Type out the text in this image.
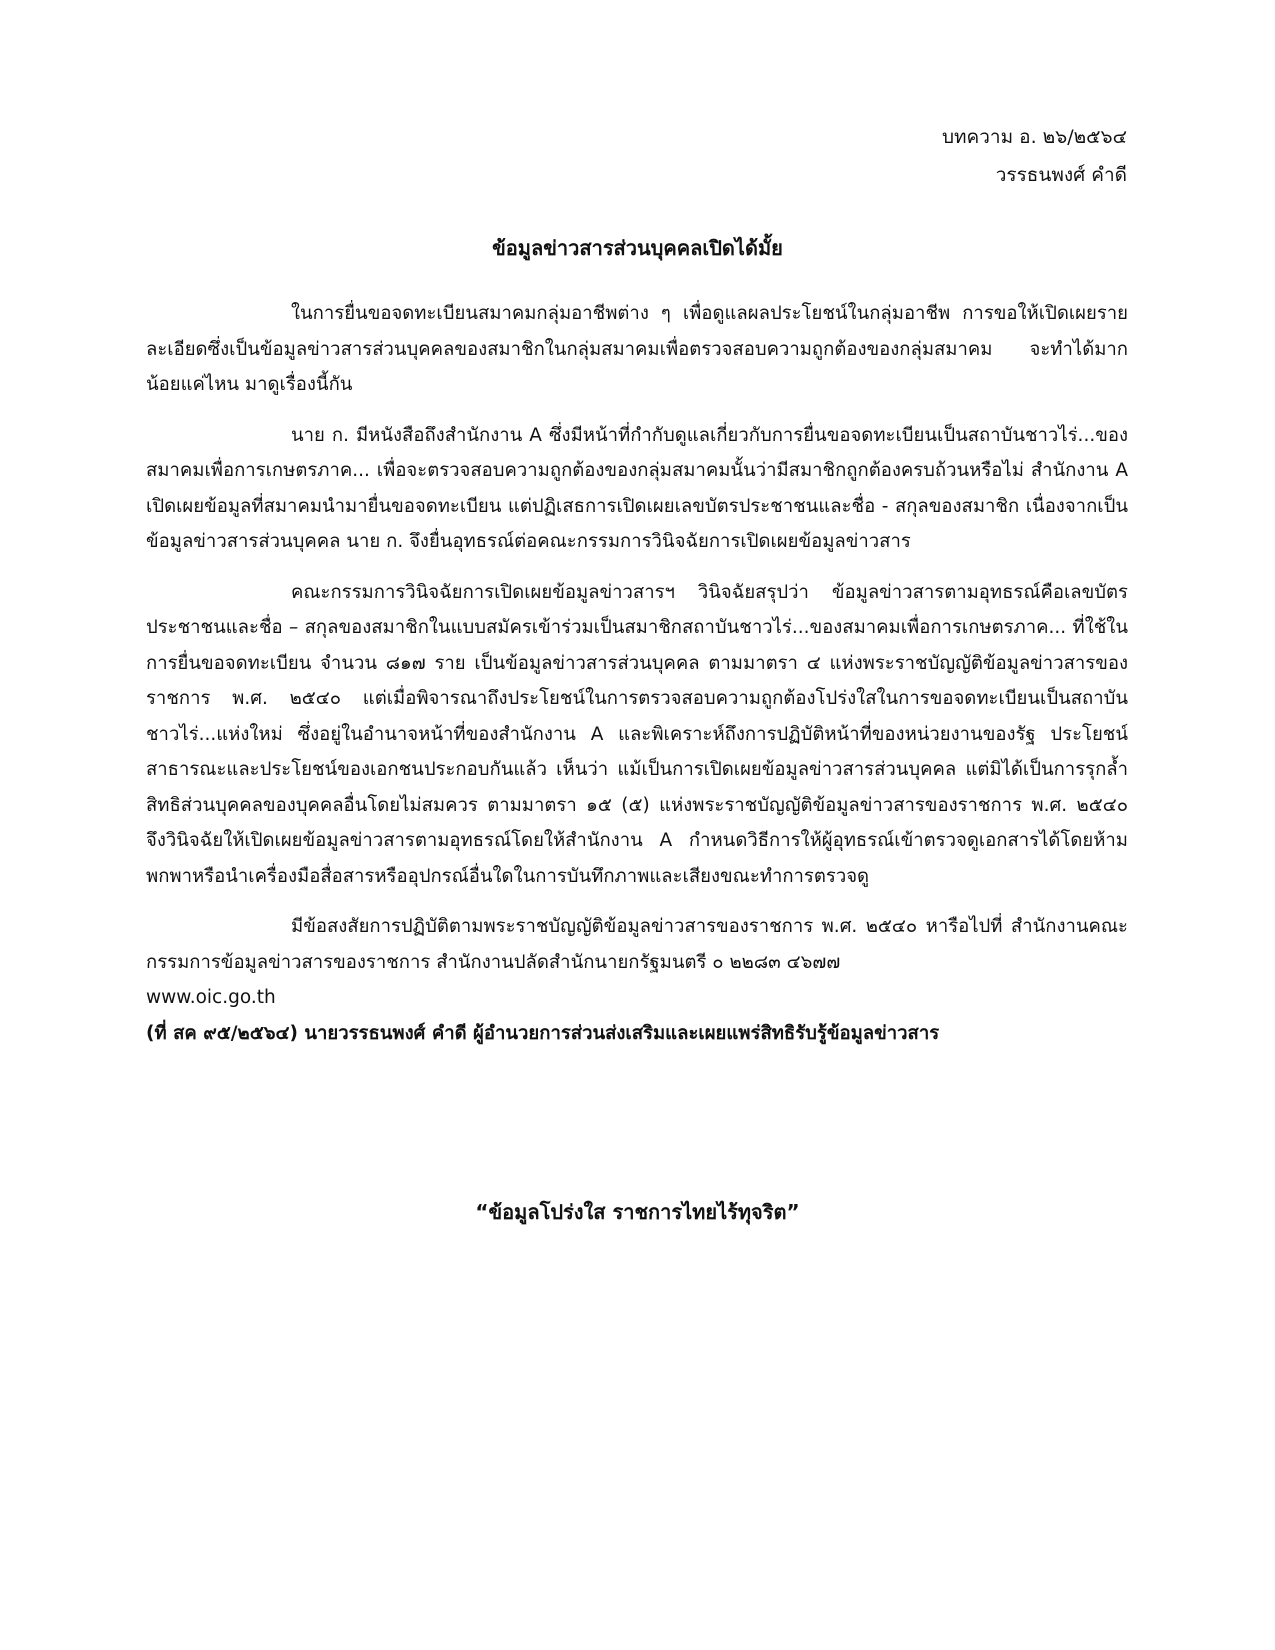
บทความ อ. ๒๖/๒๕๖๔
วรรธนพงศ์ คำดี
ข้อมูลข่าวสารส่วนบุคคลเปิดได้มั้ย

ในการยื่นขอจดทะเบียนสมาคมกลุ่มอาชีพต่าง ๆ เพื่อดูแลผลประโยชน์ในกลุ่มอาชีพ การขอให้เปิดเผยรายละเอียดซึ่งเป็นข้อมูลข่าวสารส่วนบุคคลของสมาชิกในกลุ่มสมาคมเพื่อตรวจสอบความถูกต้องของกลุ่มสมาคม จะทำได้มากน้อยแค่ไหน มาดูเรื่องนี้กัน

นาย ก. มีหนังสือถึงสำนักงาน A ซึ่งมีหน้าที่กำกับดูแลเกี่ยวกับการยื่นขอจดทะเบียนเป็นสถาบันชาวไร่...ของสมาคมเพื่อการเกษตรภาค... เพื่อจะตรวจสอบความถูกต้องของกลุ่มสมาคมนั้นว่ามีสมาชิกถูกต้องครบถ้วนหรือไม่ สำนักงาน A เปิดเผยข้อมูลที่สมาคมนำมายื่นขอจดทะเบียน แต่ปฏิเสธการเปิดเผยเลขบัตรประชาชนและชื่อ - สกุลของสมาชิก เนื่องจากเป็นข้อมูลข่าวสารส่วนบุคคล นาย ก. จึงยื่นอุทธรณ์ต่อคณะกรรมการวินิจฉัยการเปิดเผยข้อมูลข่าวสาร

คณะกรรมการวินิจฉัยการเปิดเผยข้อมูลข่าวสารฯ วินิจฉัยสรุปว่า ข้อมูลข่าวสารตามอุทธรณ์คือเลขบัตรประชาชนและชื่อ – สกุลของสมาชิกในแบบสมัครเข้าร่วมเป็นสมาชิกสถาบันชาวไร่...ของสมาคมเพื่อการเกษตรภาค... ที่ใช้ในการยื่นขอจดทะเบียน จำนวน ๘๑๗ ราย เป็นข้อมูลข่าวสารส่วนบุคคล ตามมาตรา ๔ แห่งพระราชบัญญัติข้อมูลข่าวสารของราชการ พ.ศ. ๒๕๔๐ แต่เมื่อพิจารณาถึงประโยชน์ในการตรวจสอบความถูกต้องโปร่งใสในการขอจดทะเบียนเป็นสถาบันชาวไร่...แห่งใหม่ ซึ่งอยู่ในอำนาจหน้าที่ของสำนักงาน A และพิเคราะห์ถึงการปฏิบัติหน้าที่ของหน่วยงานของรัฐ ประโยชน์สาธารณะและประโยชน์ของเอกชนประกอบกันแล้ว เห็นว่า แม้เป็นการเปิดเผยข้อมูลข่าวสารส่วนบุคคล แต่มิได้เป็นการรุกล้ำสิทธิส่วนบุคคลของบุคคลอื่นโดยไม่สมควร ตามมาตรา ๑๕ (๕) แห่งพระราชบัญญัติข้อมูลข่าวสารของราชการ พ.ศ. ๒๕๔๐ จึงวินิจฉัยให้เปิดเผยข้อมูลข่าวสารตามอุทธรณ์โดยให้สำนักงาน A กำหนดวิธีการให้ผู้อุทธรณ์เข้าตรวจดูเอกสารได้โดยห้ามพกพาหรือนำเครื่องมือสื่อสารหรืออุปกรณ์อื่นใดในการบันทึกภาพและเสียงขณะทำการตรวจดู

มีข้อสงสัยการปฏิบัติตามพระราชบัญญัติข้อมูลข่าวสารของราชการ พ.ศ. ๒๕๔๐ หารือไปที่ สำนักงานคณะกรรมการข้อมูลข่าวสารของราชการ สำนักงานปลัดสำนักนายกรัฐมนตรี ๐ ๒๒๘๓ ๔๖๗๗

www.oic.go.th
(ที่ สค ๙๕/๒๕๖๔) นายวรรธนพงศ์ คำดี ผู้อำนวยการส่วนส่งเสริมและเผยแพร่สิทธิรับรู้ข้อมูลข่าวสาร
“ข้อมูลโปร่งใส ราชการไทยไร้ทุจริต”
